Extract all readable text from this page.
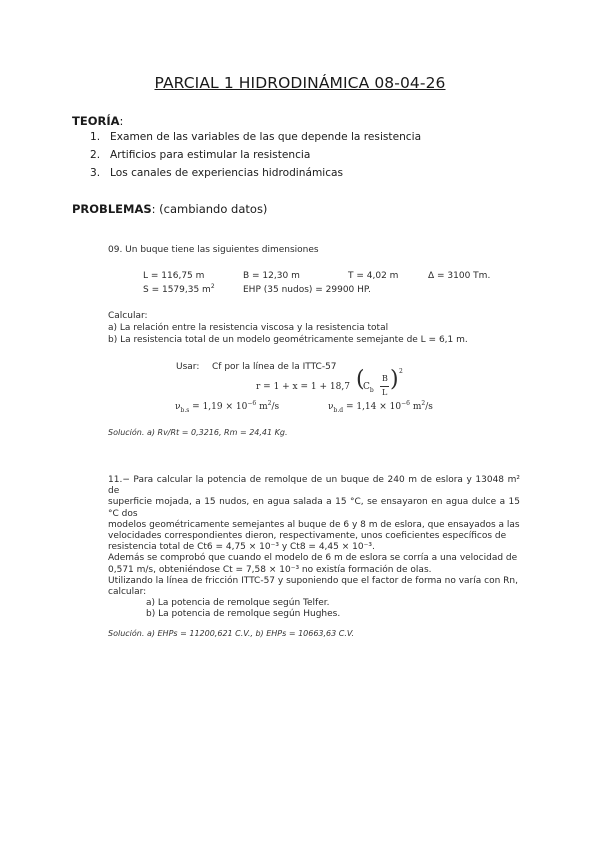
PARCIAL 1 HIDRODINÁMICA 08-04-26
TEORÍA:
1. Examen de las variables de las que depende la resistencia
2. Artificios para estimular la resistencia
3. Los canales de experiencias hidrodinámicas
PROBLEMAS: (cambiando datos)
09. Un buque tiene las siguientes dimensiones
L = 116,75 m	B = 12,30 m	T = 4,02 m	Δ = 3100 Tm.
S = 1579,35 $m^2$	EHP (35 nudos) = 29900 HP.
Calcular:
a) La relación entre la resistencia viscosa y la resistencia total
b) La resistencia total de un modelo geométricamente semejante de L = 6,1 m.
Usar: Cf por la línea de la ITTC-57
r = 1 + x = 1 + 18,7 (
$C_b$
B
L
) 2
$\nu_{b.s} = 1,19 \times 10^{-6}$ $m^2/s$	$\nu_{b.d} = 1,14 \times 10^{-6}$ $m^2/s$
Solución. a) Rv/Rt = 0,3216, Rm = 24,41 Kg.
11.− Para calcular la potencia de remolque de un buque de 240 m de eslora y 13048 m² de
superficie mojada, a 15 nudos, en agua salada a 15 °C, se ensayaron en agua dulce a 15 °C dos
modelos geométricamente semejantes al buque de 6 y 8 m de eslora, que ensayados a las
velocidades correspondientes dieron, respectivamente, unos coeficientes específicos de
resistencia total de Ct6 = 4,75 × 10⁻³ y Ct8 = 4,45 × 10⁻³.
Además se comprobó que cuando el modelo de 6 m de eslora se corría a una velocidad de
0,571 m/s, obteniéndose Ct = 7,58 × 10⁻³ no existía formación de olas.
Utilizando la línea de fricción ITTC-57 y suponiendo que el factor de forma no varía con Rn,
calcular:
a) La potencia de remolque según Telfer.
b) La potencia de remolque según Hughes.
Solución. a) EHPs = 11200,621 C.V., b) EHPs = 10663,63 C.V.
